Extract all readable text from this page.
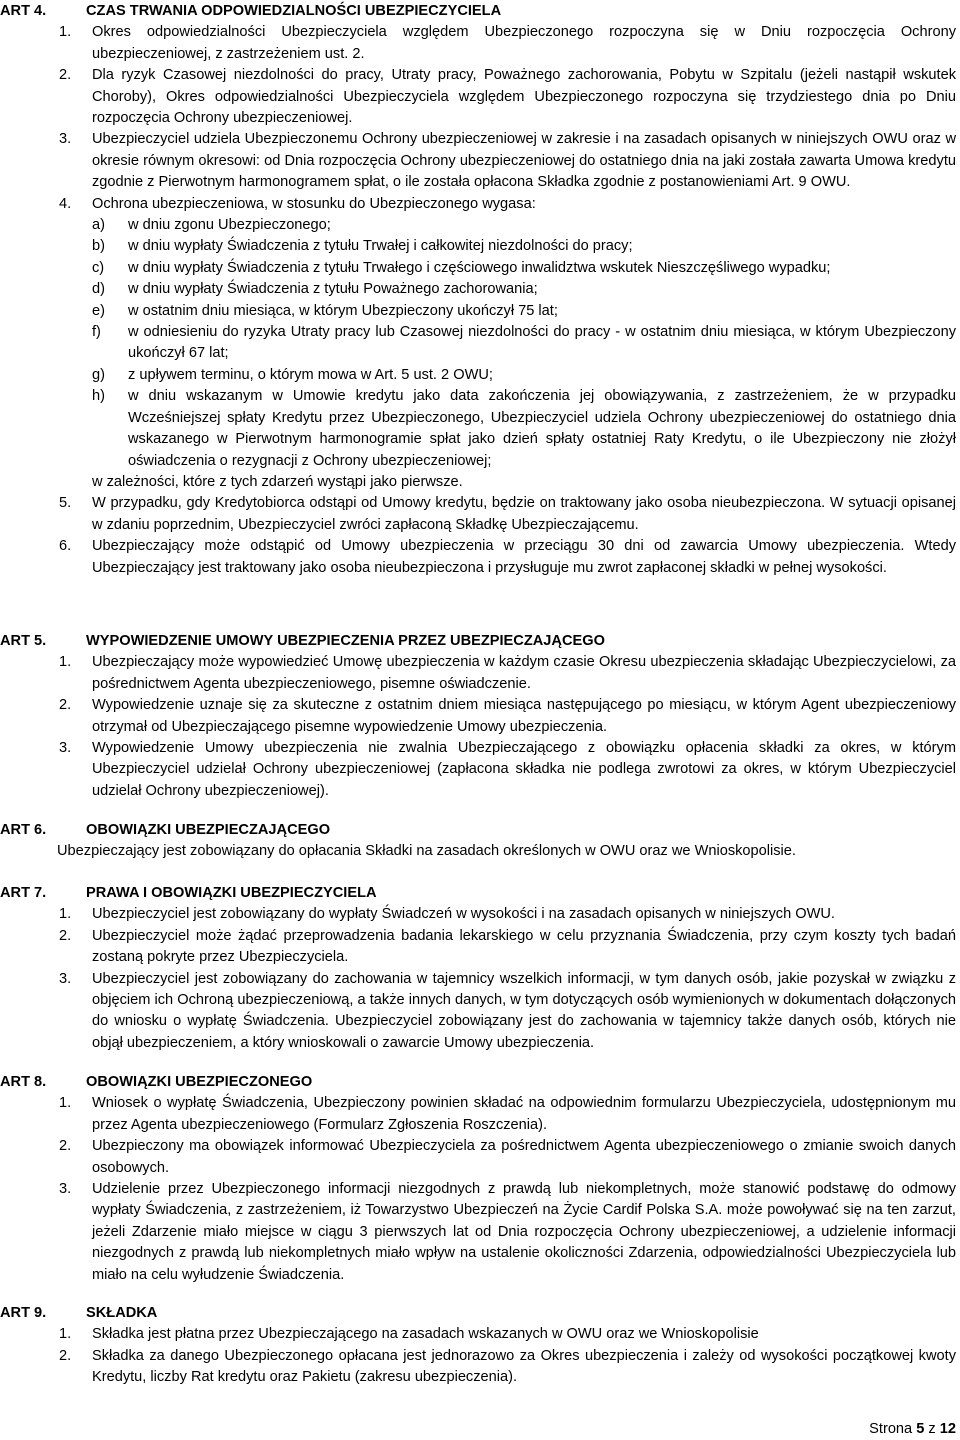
ART 4.	CZAS TRWANIA ODPOWIEDZIALNOŚCI UBEZPIECZYCIELA
1. Okres odpowiedzialności Ubezpieczyciela względem Ubezpieczonego rozpoczyna się w Dniu rozpoczęcia Ochrony ubezpieczeniowej, z zastrzeżeniem ust. 2.
2. Dla ryzyk Czasowej niezdolności do pracy, Utraty pracy, Poważnego zachorowania, Pobytu w Szpitalu (jeżeli nastąpił wskutek Choroby), Okres odpowiedzialności Ubezpieczyciela względem Ubezpieczonego rozpoczyna się trzydziestego dnia po Dniu rozpoczęcia Ochrony ubezpieczeniowej.
3. Ubezpieczyciel udziela Ubezpieczonemu Ochrony ubezpieczeniowej w zakresie i na zasadach opisanych w niniejszych OWU oraz w okresie równym okresowi: od Dnia rozpoczęcia Ochrony ubezpieczeniowej do ostatniego dnia na jaki została zawarta Umowa kredytu zgodnie z Pierwotnym harmonogramem spłat, o ile została opłacona Składka zgodnie z postanowieniami Art. 9 OWU.
4. Ochrona ubezpieczeniowa, w stosunku do Ubezpieczonego wygasa:
a) w dniu zgonu Ubezpieczonego;
b) w dniu wypłaty Świadczenia z tytułu Trwałej i całkowitej niezdolności do pracy;
c) w dniu wypłaty Świadczenia z tytułu Trwałego i częściowego inwalidztwa wskutek Nieszczęśliwego wypadku;
d) w dniu wypłaty Świadczenia z tytułu Poważnego zachorowania;
e) w ostatnim dniu miesiąca, w którym Ubezpieczony ukończył 75 lat;
f) w odniesieniu do ryzyka Utraty pracy lub Czasowej niezdolności do pracy - w ostatnim dniu miesiąca, w którym Ubezpieczony ukończył 67 lat;
g) z upływem terminu, o którym mowa w Art. 5 ust. 2 OWU;
h) w dniu wskazanym w Umowie kredytu jako data zakończenia jej obowiązywania, z zastrzeżeniem, że w przypadku Wcześniejszej spłaty Kredytu przez Ubezpieczonego, Ubezpieczyciel udziela Ochrony ubezpieczeniowej do ostatniego dnia wskazanego w Pierwotnym harmonogramie spłat jako dzień spłaty ostatniej Raty Kredytu, o ile Ubezpieczony nie złożył oświadczenia o rezygnacji z Ochrony ubezpieczeniowej;
w zależności, które z tych zdarzeń wystąpi jako pierwsze.
5. W przypadku, gdy Kredytobiorca odstąpi od Umowy kredytu, będzie on traktowany jako osoba nieubezpieczona. W sytuacji opisanej w zdaniu poprzednim, Ubezpieczyciel zwróci zapłaconą Składkę Ubezpieczającemu.
6. Ubezpieczający może odstąpić od Umowy ubezpieczenia w przeciągu 30 dni od zawarcia Umowy ubezpieczenia. Wtedy Ubezpieczający jest traktowany jako osoba nieubezpieczona i przysługuje mu zwrot zapłaconej składki w pełnej wysokości.
ART 5.	WYPOWIEDZENIE UMOWY UBEZPIECZENIA PRZEZ UBEZPIECZAJĄCEGO
1. Ubezpieczający może wypowiedzieć Umowę ubezpieczenia w każdym czasie Okresu ubezpieczenia składając Ubezpieczycielowi, za pośrednictwem Agenta ubezpieczeniowego, pisemne oświadczenie.
2. Wypowiedzenie uznaje się za skuteczne z ostatnim dniem miesiąca następującego po miesiącu, w którym Agent ubezpieczeniowy otrzymał od Ubezpieczającego pisemne wypowiedzenie Umowy ubezpieczenia.
3. Wypowiedzenie Umowy ubezpieczenia nie zwalnia Ubezpieczającego z obowiązku opłacenia składki za okres, w którym Ubezpieczyciel udzielał Ochrony ubezpieczeniowej (zapłacona składka nie podlega zwrotowi za okres, w którym Ubezpieczyciel udzielał Ochrony ubezpieczeniowej).
ART 6.	OBOWIĄZKI UBEZPIECZAJĄCEGO
Ubezpieczający jest zobowiązany do opłacania Składki na zasadach określonych w OWU oraz we Wnioskopolisie.
ART 7.	PRAWA I OBOWIĄZKI UBEZPIECZYCIELA
1. Ubezpieczyciel jest zobowiązany do wypłaty Świadczeń w wysokości i na zasadach opisanych w niniejszych OWU.
2. Ubezpieczyciel może żądać przeprowadzenia badania lekarskiego w celu przyznania Świadczenia, przy czym koszty tych badań zostaną pokryte przez Ubezpieczyciela.
3. Ubezpieczyciel jest zobowiązany do zachowania w tajemnicy wszelkich informacji, w tym danych osób, jakie pozyskał w związku z objęciem ich Ochroną ubezpieczeniową, a także innych danych, w tym dotyczących osób wymienionych w dokumentach dołączonych do wniosku o wypłatę Świadczenia. Ubezpieczyciel zobowiązany jest do zachowania w tajemnicy także danych osób, których nie objął ubezpieczeniem, a który wnioskowali o zawarcie Umowy ubezpieczenia.
ART 8.	OBOWIĄZKI UBEZPIECZONEGO
1. Wniosek o wypłatę Świadczenia, Ubezpieczony powinien składać na odpowiednim formularzu Ubezpieczyciela, udostępnionym mu przez Agenta ubezpieczeniowego (Formularz Zgłoszenia Roszczenia).
2. Ubezpieczony ma obowiązek informować Ubezpieczyciela za pośrednictwem Agenta ubezpieczeniowego o zmianie swoich danych osobowych.
3. Udzielenie przez Ubezpieczonego informacji niezgodnych z prawdą lub niekompletnych, może stanowić podstawę do odmowy wypłaty Świadczenia, z zastrzeżeniem, iż Towarzystwo Ubezpieczeń na Życie Cardif Polska S.A. może powoływać się na ten zarzut, jeżeli Zdarzenie miało miejsce w ciągu 3 pierwszych lat od Dnia rozpoczęcia Ochrony ubezpieczeniowej, a udzielenie informacji niezgodnych z prawdą lub niekompletnych miało wpływ na ustalenie okoliczności Zdarzenia, odpowiedzialności Ubezpieczyciela lub miało na celu wyłudzenie Świadczenia.
ART 9.	SKŁADKA
1. Składka jest płatna przez Ubezpieczającego na zasadach wskazanych w OWU oraz we Wnioskopolisie
2. Składka za danego Ubezpieczonego opłacana jest jednorazowo za Okres ubezpieczenia i zależy od wysokości początkowej kwoty Kredytu, liczby Rat kredytu oraz Pakietu (zakresu ubezpieczenia).
Strona 5 z 12
